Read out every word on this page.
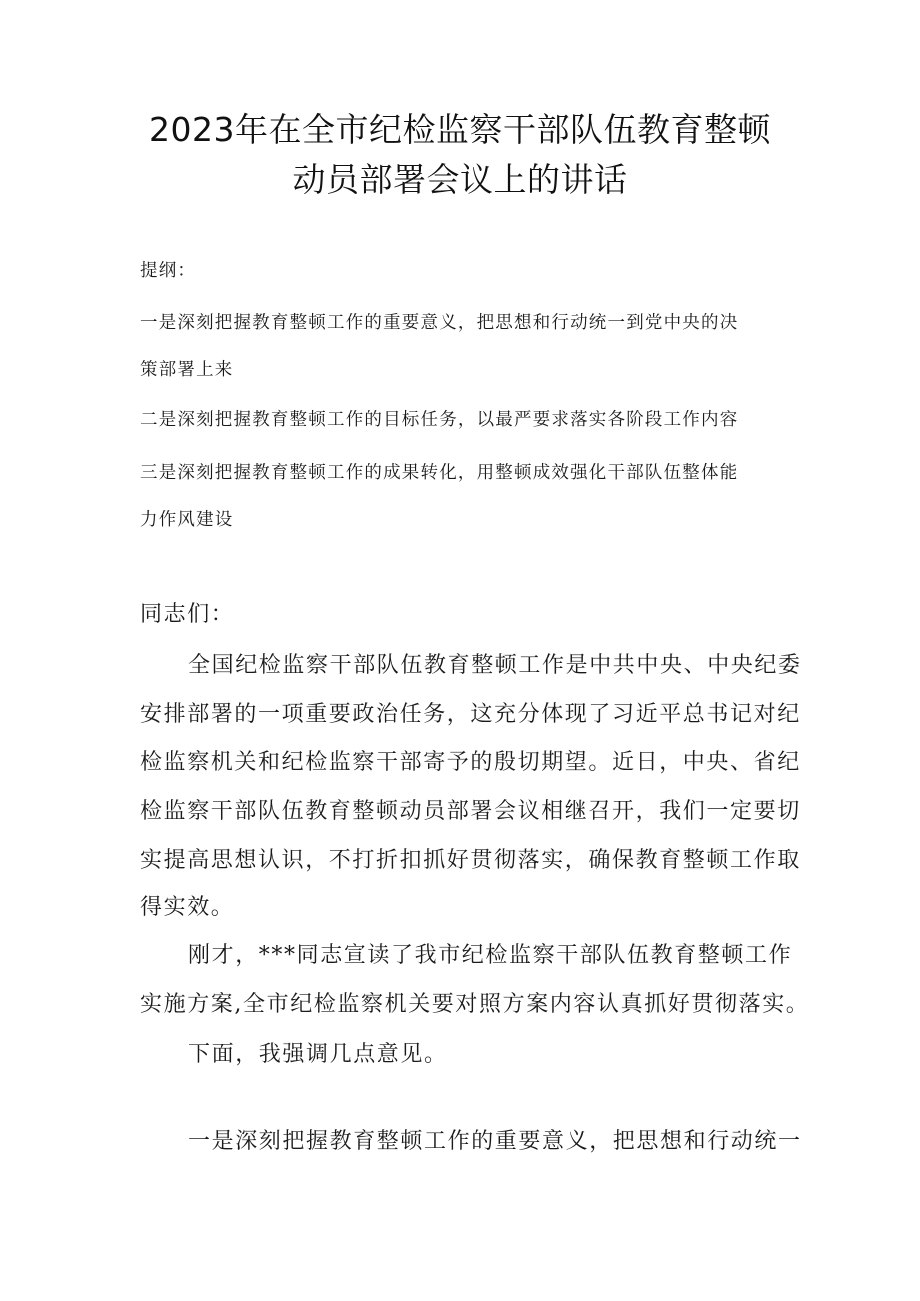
2023年在全市纪检监察干部队伍教育整顿
动员部署会议上的讲话
提纲：
一是深刻把握教育整顿工作的重要意义，把思想和行动统一到党中央的决
策部署上来
二是深刻把握教育整顿工作的目标任务，以最严要求落实各阶段工作内容
三是深刻把握教育整顿工作的成果转化，用整顿成效强化干部队伍整体能
力作风建设
同志们：
全国纪检监察干部队伍教育整顿工作是中共中央、中央纪委
安排部署的一项重要政治任务，这充分体现了习近平总书记对纪
检监察机关和纪检监察干部寄予的殷切期望。近日，中央、省纪
检监察干部队伍教育整顿动员部署会议相继召开，我们一定要切
实提高思想认识，不打折扣抓好贯彻落实，确保教育整顿工作取
得实效。
刚才，***同志宣读了我市纪检监察干部队伍教育整顿工作
实施方案,全市纪检监察机关要对照方案内容认真抓好贯彻落实。
下面，我强调几点意见。
一是深刻把握教育整顿工作的重要意义，把思想和行动统一
